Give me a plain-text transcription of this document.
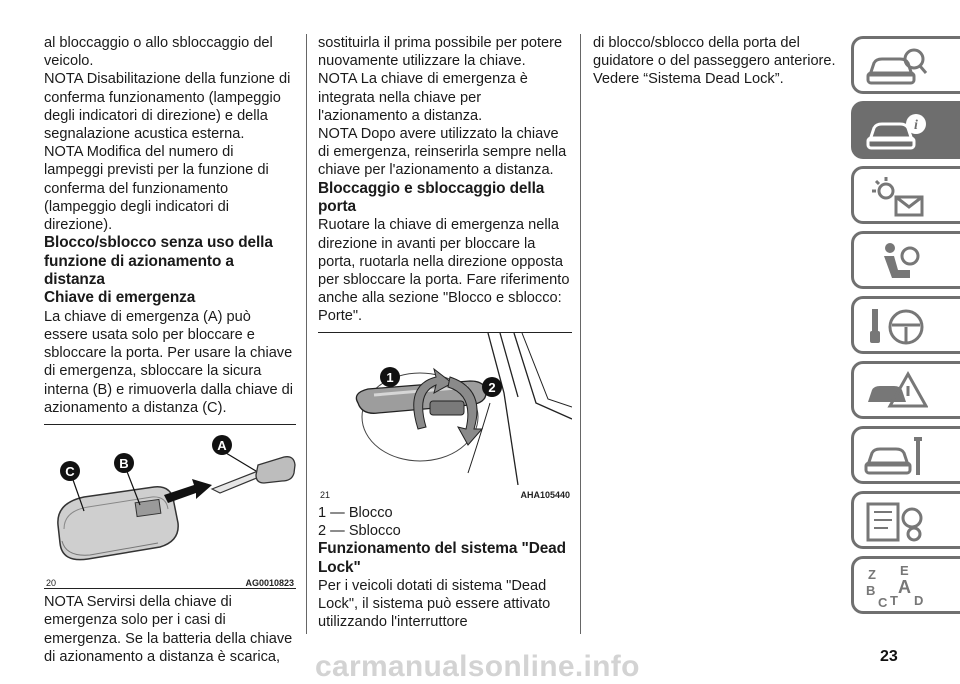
al bloccaggio o allo sbloccaggio del veicolo.

NOTA Disabilitazione della funzione di conferma funzionamento (lampeggio degli indicatori di direzione) e della segnalazione acustica esterna.

NOTA Modifica del numero di lampeggi previsti per la funzione di conferma del funzionamento (lampeggio degli indicatori di direzione).

Blocco/sblocco senza uso della funzione di azionamento a distanza
Chiave di emergenza

La chiave di emergenza (A) può essere usata solo per bloccare e sbloccare la porta. Per usare la chiave di emergenza, sbloccare la sicura interna (B) e rimuoverla dalla chiave di azionamento a distanza (C).

C
B
A
20	AG0010823

NOTA Servirsi della chiave di emergenza solo per i casi di emergenza. Se la batteria della chiave di azionamento a distanza è scarica,

sostituirla il prima possibile per potere nuovamente utilizzare la chiave.

NOTA La chiave di emergenza è integrata nella chiave per l'azionamento a distanza.

NOTA Dopo avere utilizzato la chiave di emergenza, reinserirla sempre nella chiave per l'azionamento a distanza.

Bloccaggio e sbloccaggio della porta

Ruotare la chiave di emergenza nella direzione in avanti per bloccare la porta, ruotarla nella direzione opposta per sbloccare la porta. Fare riferimento anche alla sezione "Blocco e sblocco: Porte".

1
2
21	AHA105440

1 — Blocco

2 — Sblocco

Funzionamento del sistema "Dead Lock"

Per i veicoli dotati di sistema "Dead Lock", il sistema può essere attivato utilizzando l'interruttore

di blocco/sblocco della porta del guidatore o del passeggero anteriore. Vedere “Sistema Dead Lock”.

i
Z E
B A
C T D
carmanualsonline.info	23
